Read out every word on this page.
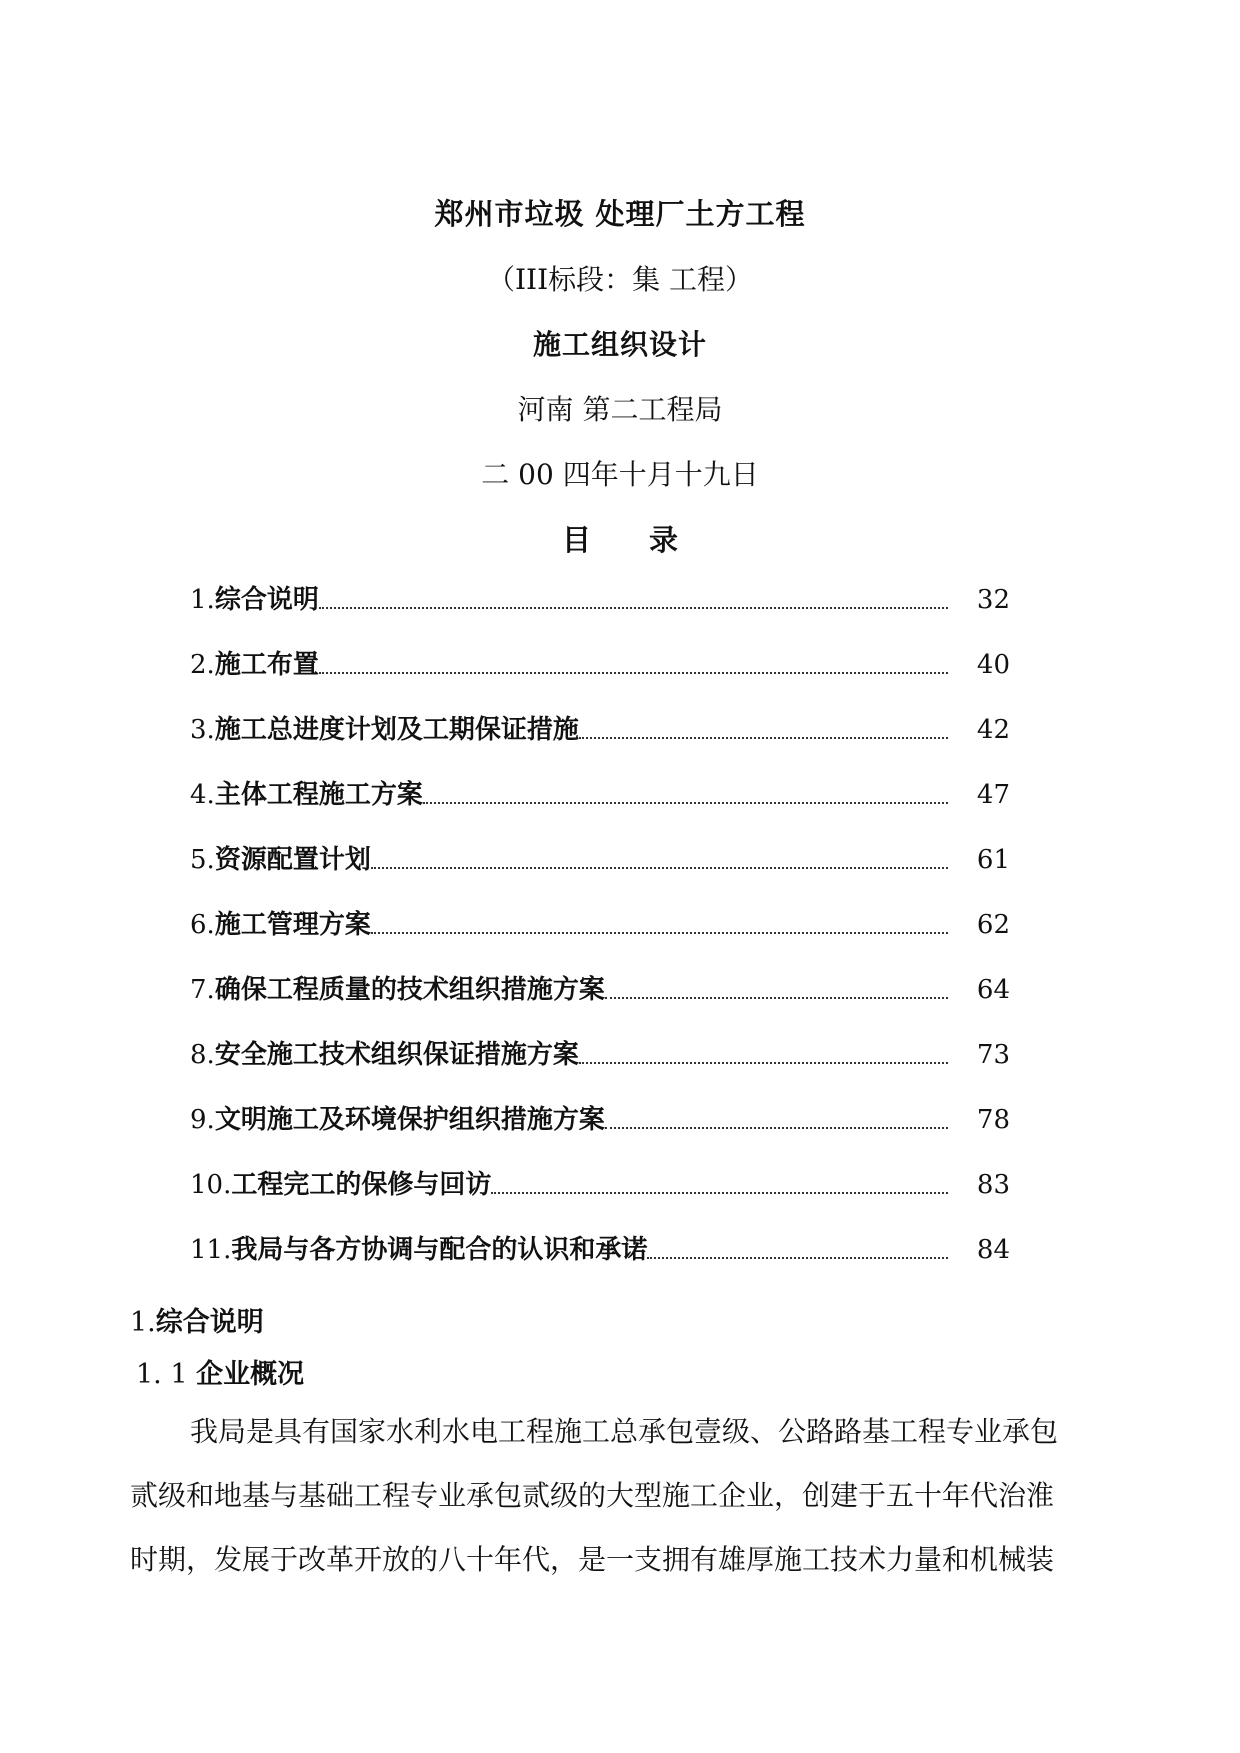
郑州市垃圾 处理厂土方工程
（III标段：集 工程）
施工组织设计
河南 第二工程局
二 00 四年十月十九日
目　　录
1. 综合说明	32
2. 施工布置	40
3. 施工总进度计划及工期保证措施	42
4. 主体工程施工方案	47
5. 资源配置计划	61
6. 施工管理方案	62
7. 确保工程质量的技术组织措施方案	64
8. 安全施工技术组织保证措施方案	73
9. 文明施工及环境保护组织措施方案	78
10. 工程完工的保修与回访	83
11. 我局与各方协调与配合的认识和承诺	84
1.综合说明
1. 1 企业概况
我局是具有国家水利水电工程施工总承包壹级、公路路基工程专业承包
贰级和地基与基础工程专业承包贰级的大型施工企业，创建于五十年代治淮
时期，发展于改革开放的八十年代，是一支拥有雄厚施工技术力量和机械装
